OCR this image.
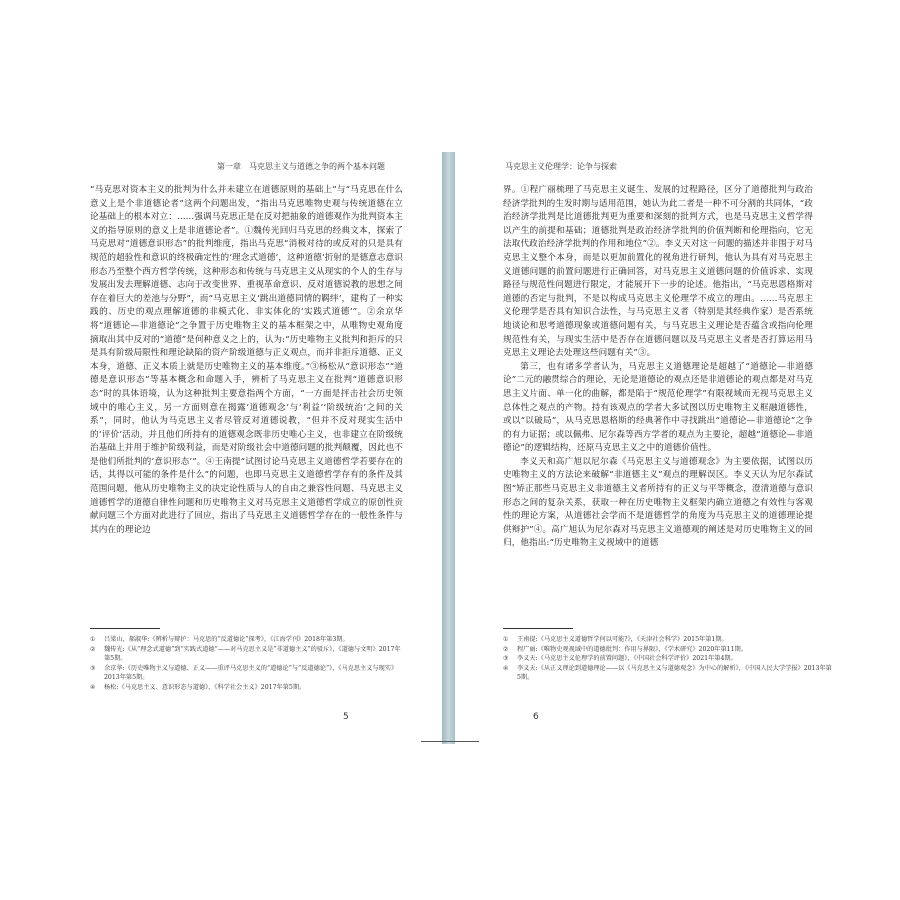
第一章　马克思主义与道德之争的两个基本问题

“马克思对资本主义的批判为什么并未建立在道德原则的基础上”与“马克思在什么意义上是个非道德论者”这两个问题出发，“指出马克思唯物史观与传统道德在立论基础上的根本对立：……强调马克思正是在反对把抽象的道德观作为批判资本主义的指导原则的意义上是非道德论者”。①魏传光回归马克思的经典文本，探索了马克思对“道德意识形态”的批判维度，指出马克思“消极对待的或反对的只是具有规范的超验性和意识的终极确定性的‘理念式道德’，这种道德‘折射的是德意志意识形态乃至整个西方哲学传统，这种形态和传统与马克思主义从现实的个人的生存与发展出发去理解道德、志向于改变世界、重视革命意识、反对道德说教的思想之间存在着巨大的差池与分野”，而“马克思主义‘跳出道德同情的羁绊’，建构了一种实践的、历史的观点理解道德的非模式化、非实体化的‘实践式道德’”。②余京华将“道德论—非道德论”之争置于历史唯物主义的基本框架之中，从唯物史观角度摘取出其中反对的“道德”是何种意义之上的，认为:“历史唯物主义批判和拒斥的只是具有阶级局限性和理论缺陷的资产阶级道德与正义观点，而并非拒斥道德、正义本身，道德、正义本质上就是历史唯物主义的基本维度。”③杨松从“意识形态”“道德是意识形态”等基本概念和命题入手，辨析了马克思主义在批判“道德意识形态”时的具体语境，认为这种批判主要意指两个方面，“一方面是抨击社会历史领域中的唯心主义，另一方面则意在揭露‘道德观念’与‘利益’‘阶级统治’之间的关系”，同时，他认为马克思主义者尽管反对道德说教，“但并不反对现实生活中的‘评价’活动，并且他们所持有的道德观念既非历史唯心主义，也非建立在阶级统治基础上并用于维护阶级利益，而是对阶级社会中道德问题的批判颠覆，因此也不是他们所批判的‘意识形态’”。④王南提“试图讨论马克思主义道德哲学若要存在的话，其得以可能的条件是什么”的问题，也即马克思主义道德哲学存有的条件及其范围问题，他从历史唯物主义的决定论性质与人的自由之兼容性问题、马克思主义道德哲学的道德自律性问题和历史唯物主义对马克思主义道德哲学成立的原创性贡献问题三个方面对此进行了回应，指出了马克思主义道德哲学存在的一般性条件与其内在的理论边

①	吕梁山，郝淑华:《辨析与辩护：马克思的“反道德论”探考》，《江海学刊》2018年第3期。
②	魏传光:《从“理念式道德”到“实践式道德”——对马克思主义是“非道德主义”的驳斥》，《道德与文明》2017年第5期。
③	余京华:《历史唯物主义与道德、正义——重评马克思主义的“道德论”与“反道德论”》，《马克思主义与现实》2013年第5期。
④	杨松:《马克思主义、意识形态与道德》，《科学社会主义》2017年第5期。
5
马克思主义伦理学：论争与探索

界。①程广丽梳理了马克思主义诞生、发展的过程路径，区分了道德批判与政治经济学批判的生发时期与适用范围，她认为此二者是一种不可分割的共同体，“政治经济学批判是比道德批判更为重要和深刻的批判方式，也是马克思主义哲学得以产生的前提和基础；道德批判是政治经济学批判的价值判断和伦理指向，它无法取代政治经济学批判的作用和地位”②。李义天对这一问题的描述并非围于对马克思主义整个本身，而是以更加前置化的视角进行研判，他认为具有对马克思主义道德问题的前置问题进行正确回答，对马克思主义道德问题的价值诉求、实现路径与规范性问题进行限定，才能展开下一步的论述。他指出，“马克思恩格斯对道德的否定与批判，不是以构成马克思主义伦理学不成立的理由。……马克思主义伦理学是否具有知识合法性，与马克思主义者（特别是其经典作家）是否系统地谈论和思考道德现象或道德问题有关，与马克思主义理论是否蕴含或指向伦理规范性有关，与现实生活中是否存在道德问题以及马克思主义者是否打算运用马克思主义理论去处理这些问题有关”③。

第三，也有诸多学者认为，马克思主义道德理论是超越了“道德论—非道德论”二元的融贯综合的理论，无论是道德论的观点还是非道德论的观点都是对马克思主义片面、单一化的曲解，都是陷于“规范伦理学”有限视域而无视马克思主义总体性之观点的产物。持有该观点的学者大多试图以历史唯物主义框融道德性，或以“以破局”，从马克思恩格斯的经典著作中寻找跳出“道德论—非道德论”之争的有力证据；或以佩弗、尼尔森等西方学者的观点为主要论，超越“道德论—非道德论”的逻辑结构，还原马克思主义之中的道德价值性。

李义天和高广旭以尼尔森《马克思主义与道德观念》为主要依据，试图以历史唯物主义的方法论来破解“非道德主义”观点的理解误区。李义天认为尼尔森试图“矫正那些马克思主义非道德主义者所持有的正义与平等概念，澄清道德与意识形态之间的复杂关系，获取一种在历史唯物主义框架内确立道德之有效性与客观性的理论方案，从道德社会学而不是道德哲学的角度为马克思主义的道德理论提供辩护”④。高广旭认为尼尔森对马克思主义道德观的阐述是对历史唯物主义的回归，他指出:“历史唯物主义视域中的道德

①	王南提:《马克思主义道德哲学何以可能?》，《天津社会科学》2015年第1期。
②	程广丽:《唯物史观视域中的道德批判：作用与界限》，《学术研究》2020年第11期。
③	李义天:《马克思主义伦理学的前置问题》，《中国社会科学评价》2021年第4期。
④	李义天:《从正义理论到道德理论——以《马克思主义与道德观念》为中心的解析》，《中国人民大学学报》2013年第5期。
6
